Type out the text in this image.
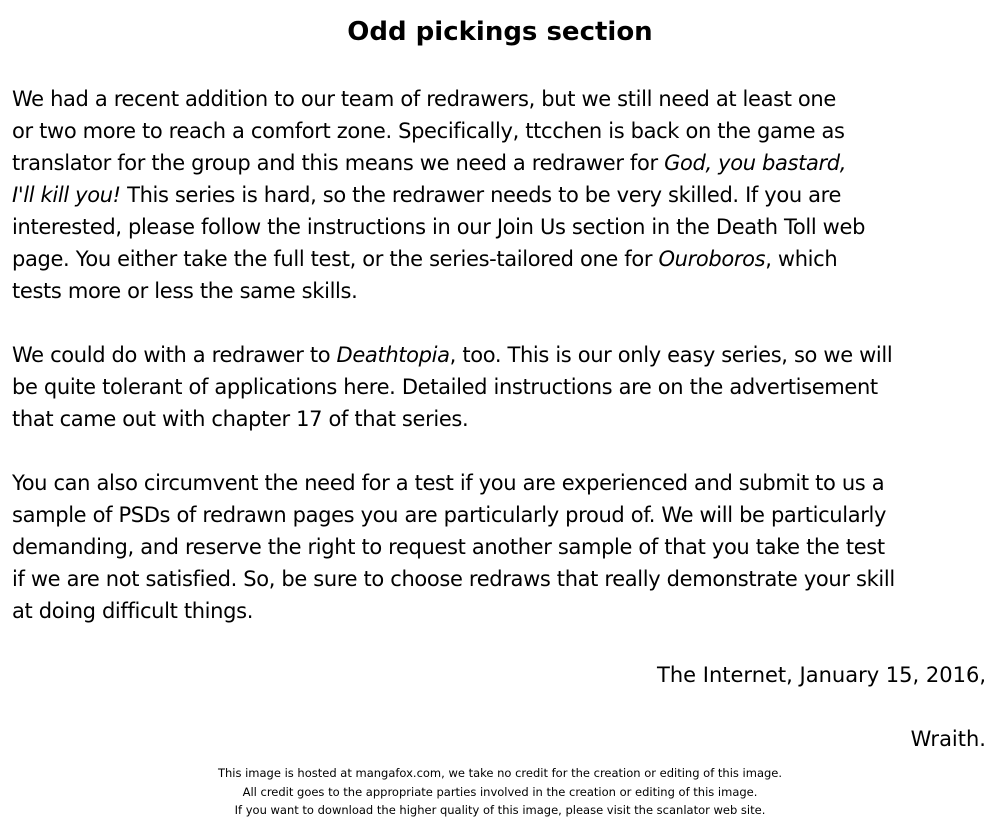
Odd pickings section

We had a recent addition to our team of redrawers, but we still need at least one
or two more to reach a comfort zone. Specifically, ttcchen is back on the game as
translator for the group and this means we need a redrawer for God, you bastard,
I'll kill you! This series is hard, so the redrawer needs to be very skilled. If you are
interested, please follow the instructions in our Join Us section in the Death Toll web
page. You either take the full test, or the series-tailored one for Ouroboros, which
tests more or less the same skills.

We could do with a redrawer to Deathtopia, too. This is our only easy series, so we will
be quite tolerant of applications here. Detailed instructions are on the advertisement
that came out with chapter 17 of that series.

You can also circumvent the need for a test if you are experienced and submit to us a
sample of PSDs of redrawn pages you are particularly proud of. We will be particularly
demanding, and reserve the right to request another sample of that you take the test
if we are not satisfied. So, be sure to choose redraws that really demonstrate your skill
at doing difficult things.

The Internet, January 15, 2016,

Wraith.

This image is hosted at mangafox.com, we take no credit for the creation or editing of this image.
All credit goes to the appropriate parties involved in the creation or editing of this image.
If you want to download the higher quality of this image, please visit the scanlator web site.
